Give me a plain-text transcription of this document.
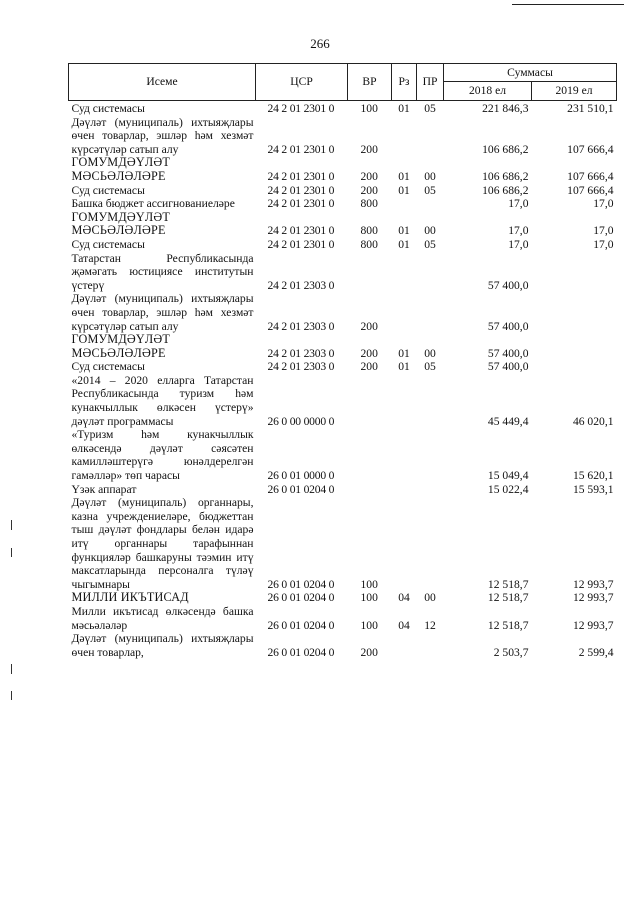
266
Исеме	ЦСР	ВР	Рз	ПР	Суммасы	
					2018 ел	2019 ел
Суд системасы	24 2 01 2301 0	100	01	05	221 846,3	231 510,1
Дәүләт (муниципаль) ихтыяҗлары өчен товарлар, эшләр һәм хезмәт күрсәтүләр сатып алу	24 2 01 2301 0	200			106 686,2	107 666,4
ГОМУМДӘҮЛӘТ МӘСЬӘЛӘЛӘРЕ	24 2 01 2301 0	200	01	00	106 686,2	107 666,4
Суд системасы	24 2 01 2301 0	200	01	05	106 686,2	107 666,4
Башка бюджет ассигнованиеләре	24 2 01 2301 0	800			17,0	17,0
ГОМУМДӘҮЛӘТ МӘСЬӘЛӘЛӘРЕ	24 2 01 2301 0	800	01	00	17,0	17,0
Суд системасы	24 2 01 2301 0	800	01	05	17,0	17,0
Татарстан Республикасында җәмәгать юстициясе институтын үстерү	24 2 01 2303 0				57 400,0	
Дәүләт (муниципаль) ихтыяҗлары өчен товарлар, эшләр һәм хезмәт күрсәтүләр сатып алу	24 2 01 2303 0	200			57 400,0	
ГОМУМДӘҮЛӘТ МӘСЬӘЛӘЛӘРЕ	24 2 01 2303 0	200	01	00	57 400,0	
Суд системасы	24 2 01 2303 0	200	01	05	57 400,0	
«2014 – 2020 елларга Татарстан Республикасында туризм һәм кунакчыллык өлкәсен үстерү» дәүләт программасы	26 0 00 0000 0				45 449,4	46 020,1
«Туризм һәм кунакчыллык өлкәсендә дәүләт сәясәтен камилләштерүгә юнәлдерелгән гамәлләр» төп чарасы	26 0 01 0000 0				15 049,4	15 620,1
Үзәк аппарат	26 0 01 0204 0				15 022,4	15 593,1
Дәүләт (муниципаль) органнары, казна учреждениеләре, бюджеттан тыш дәүләт фондлары белән идарә итү органнары тарафыннан функцияләр башкаруны тәэмин итү максатларында персоналга түләү чыгымнары	26 0 01 0204 0	100			12 518,7	12 993,7
МИЛЛИ ИКЪТИСАД	26 0 01 0204 0	100	04	00	12 518,7	12 993,7
Милли икътисад өлкәсендә башка мәсьәләләр	26 0 01 0204 0	100	04	12	12 518,7	12 993,7
Дәүләт (муниципаль) ихтыяҗлары өчен товарлар,	26 0 01 0204 0	200			2 503,7	2 599,4
